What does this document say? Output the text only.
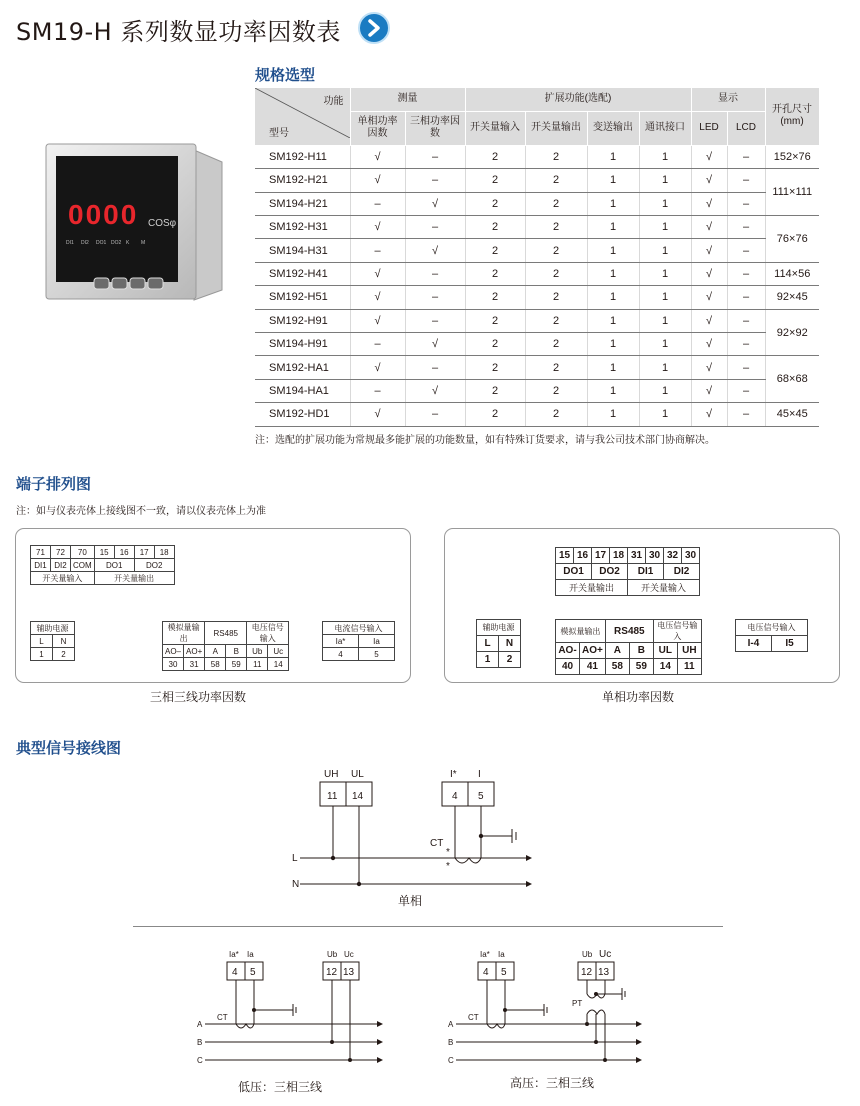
SM19-H 系列数显功率因数表
0000 COSφ
DI1 DI2 DO1 DO2 K M
规格选型
功能
型号	测量		扩展功能(选配)				显示		开孔尺寸
(mm)
	单相功率因数	三相功率因数	开关量输入	开关量输出	变送输出	通讯接口	LED	LCD	
SM192-H11	√	–	2	2	1	1	√	–	152×76
SM192-H21	√	–	2	2	1	1	√	–	111×111
SM194-H21	–	√	2	2	1	1	√	–	
SM192-H31	√	–	2	2	1	1	√	–	76×76
SM194-H31	–	√	2	2	1	1	√	–	
SM192-H41	√	–	2	2	1	1	√	–	114×56
SM192-H51	√	–	2	2	1	1	√	–	92×45
SM192-H91	√	–	2	2	1	1	√	–	92×92
SM194-H91	–	√	2	2	1	1	√	–	
SM192-HA1	√	–	2	2	1	1	√	–	68×68
SM194-HA1	–	√	2	2	1	1	√	–	
SM192-HD1	√	–	2	2	1	1	√	–	45×45
注：选配的扩展功能为常规最多能扩展的功能数量，如有特殊订货要求，请与我公司技术部门协商解决。
端子排列图
注：如与仪表壳体上接线图不一致，请以仪表壳体上为准
71	72	70	15	16	17	18
DI1	DI2	COM	DO1		DO2	
开关量输入			开关量输出			
辅助电源	
L	N
1	2
模拟量输出		RS485		电压信号输入	
AO–	AO+	A	B	Ub	Uc
30	31	58	59	11	14
电流信号输入	
Ia*	Ia
4	5
三相三线功率因数
15	16	17	18	31	30	32	30
DO1		DO2		DI1		DI2	
开关量输出				开关量输入			
辅助电源	
L	N
1	2
模拟量输出		RS485		电压信号输入	
AO-	AO+	A	B	UL	UH
40	41	58	59	14	11
电压信号输入
I-4	I5
单相功率因数
典型信号接线图
UH UL
11 14
I* I
4 5
CT
*
*
L
N
单相
Ia* Ia
4 5
Ub Uc
12 13
CT
A
B
C
低压：三相三线
Ia* Ia
4 5
Ub Uc
12 13
CT
PT
A
B
C
高压：三相三线
